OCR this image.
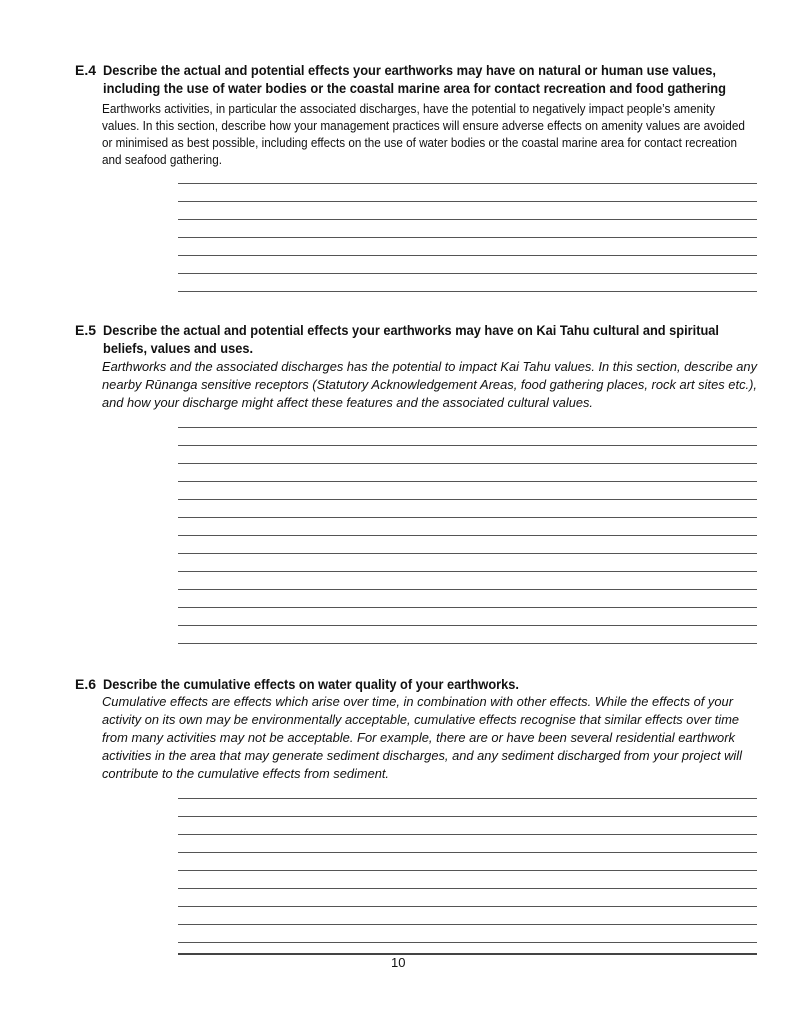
E.4 Describe the actual and potential effects your earthworks may have on natural or human use values,
including the use of water bodies or the coastal marine area for contact recreation and food gathering
Earthworks activities, in particular the associated discharges, have the potential to negatively impact people’s amenity
values. In this section, describe how your management practices will ensure adverse effects on amenity values are avoided
or minimised as best possible, including effects on the use of water bodies or the coastal marine area for contact recreation
and seafood gathering.
E.5 Describe the actual and potential effects your earthworks may have on Kai Tahu cultural and spiritual
beliefs, values and uses.
Earthworks and the associated discharges has the potential to impact Kai Tahu values. In this section, describe any
nearby Rūnanga sensitive receptors (Statutory Acknowledgement Areas, food gathering places, rock art sites etc.),
and how your discharge might affect these features and the associated cultural values.
E.6 Describe the cumulative effects on water quality of your earthworks.
Cumulative effects are effects which arise over time, in combination with other effects. While the effects of your
activity on its own may be environmentally acceptable, cumulative effects recognise that similar effects over time
from many activities may not be acceptable. For example, there are or have been several residential earthwork
activities in the area that may generate sediment discharges, and any sediment discharged from your project will
contribute to the cumulative effects from sediment.
10
